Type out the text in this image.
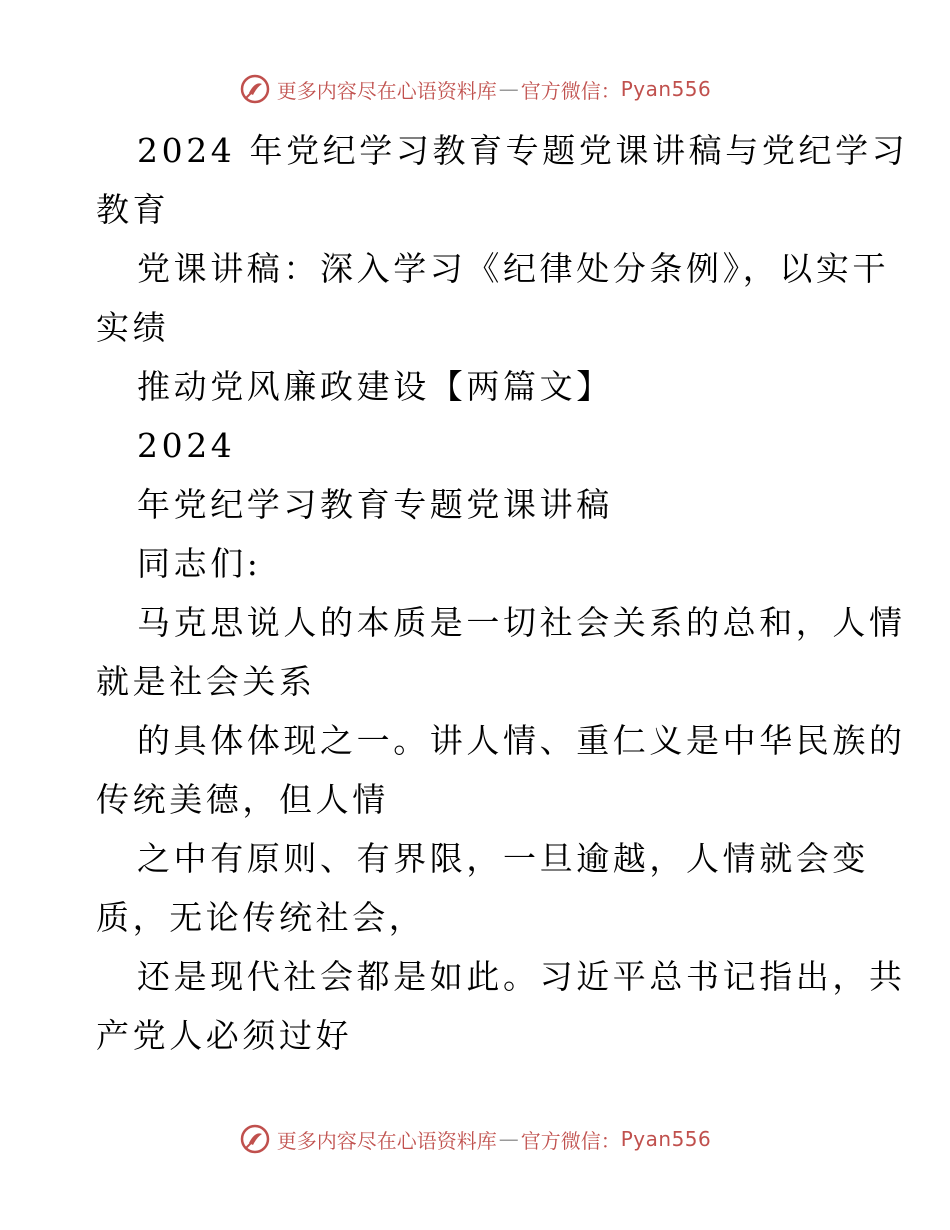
更多内容尽在心语资料库 — 官方微信： Pyan556
2024 年党纪学习教育专题党课讲稿与党纪学习
教育
党课讲稿：深入学习《纪律处分条例》，以实干
实绩
推动党风廉政建设【两篇文】
2024
年党纪学习教育专题党课讲稿
同志们:
马克思说人的本质是一切社会关系的总和，人情
就是社会关系
的具体体现之一。讲人情、重仁义是中华民族的
传统美德，但人情
之中有原则、有界限，一旦逾越，人情就会变
质，无论传统社会，
还是现代社会都是如此。习近平总书记指出，共
产党人必须过好
更多内容尽在心语资料库 — 官方微信： Pyan556
